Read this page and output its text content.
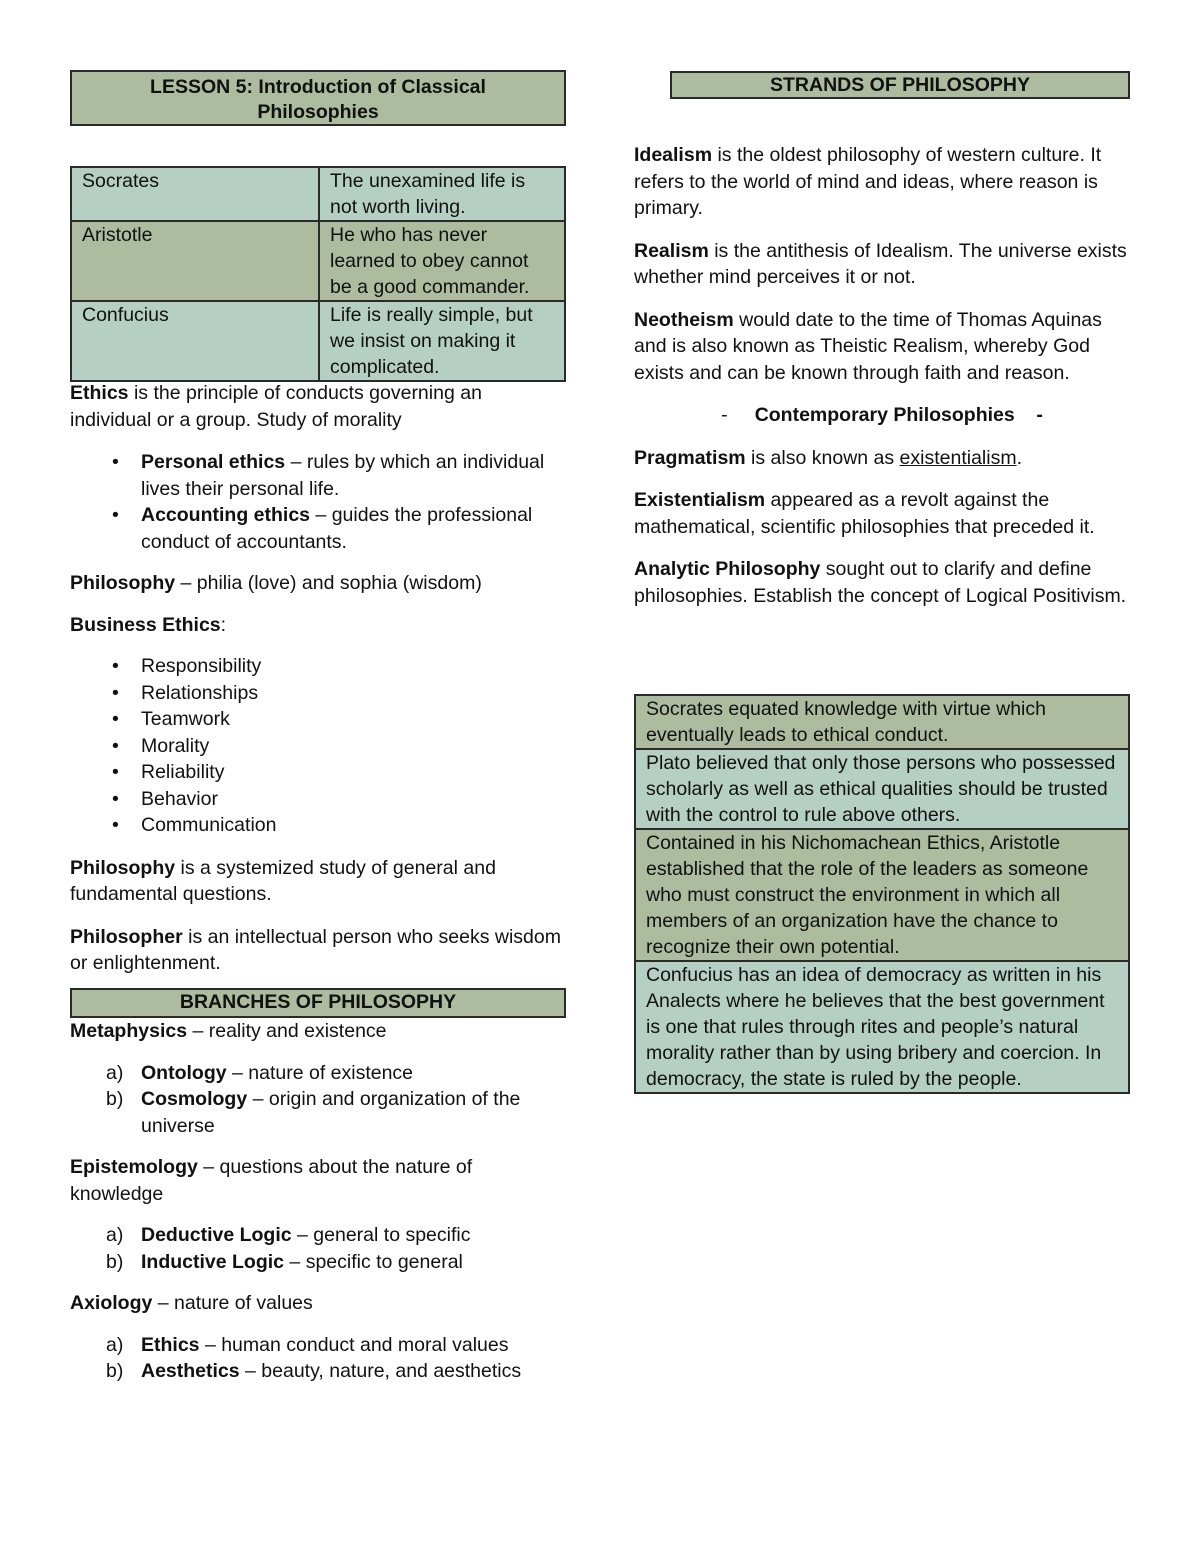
LESSON 5: Introduction of Classical Philosophies
Socrates	The unexamined life is not worth living.
Aristotle	He who has never learned to obey cannot be a good commander.
Confucius	Life is really simple, but we insist on making it complicated.

Ethics is the principle of conducts governing an individual or a group. Study of morality

• Personal ethics – rules by which an individual lives their personal life.
• Accounting ethics – guides the professional conduct of accountants.

Philosophy – philia (love) and sophia (wisdom)

Business Ethics:

• Responsibility
• Relationships
• Teamwork
• Morality
• Reliability
• Behavior
• Communication

Philosophy is a systemized study of general and fundamental questions.

Philosopher is an intellectual person who seeks wisdom or enlightenment.

BRANCHES OF PHILOSOPHY

Metaphysics – reality and existence

a) Ontology – nature of existence
b) Cosmology – origin and organization of the universe

Epistemology – questions about the nature of knowledge

a) Deductive Logic – general to specific
b) Inductive Logic – specific to general

Axiology – nature of values

a) Ethics – human conduct and moral values
b) Aesthetics – beauty, nature, and aesthetics
STRANDS OF PHILOSOPHY

Idealism is the oldest philosophy of western culture. It refers to the world of mind and ideas, where reason is primary.

Realism is the antithesis of Idealism. The universe exists whether mind perceives it or not.

Neotheism would date to the time of Thomas Aquinas and is also known as Theistic Realism, whereby God exists and can be known through faith and reason.

- Contemporary Philosophies -

Pragmatism is also known as existentialism.

Existentialism appeared as a revolt against the mathematical, scientific philosophies that preceded it.

Analytic Philosophy sought out to clarify and define philosophies. Establish the concept of Logical Positivism.

Socrates equated knowledge with virtue which eventually leads to ethical conduct.
Plato believed that only those persons who possessed scholarly as well as ethical qualities should be trusted with the control to rule above others.
Contained in his Nichomachean Ethics, Aristotle established that the role of the leaders as someone who must construct the environment in which all members of an organization have the chance to recognize their own potential.
Confucius has an idea of democracy as written in his Analects where he believes that the best government is one that rules through rites and people’s natural morality rather than by using bribery and coercion. In democracy, the state is ruled by the people.
